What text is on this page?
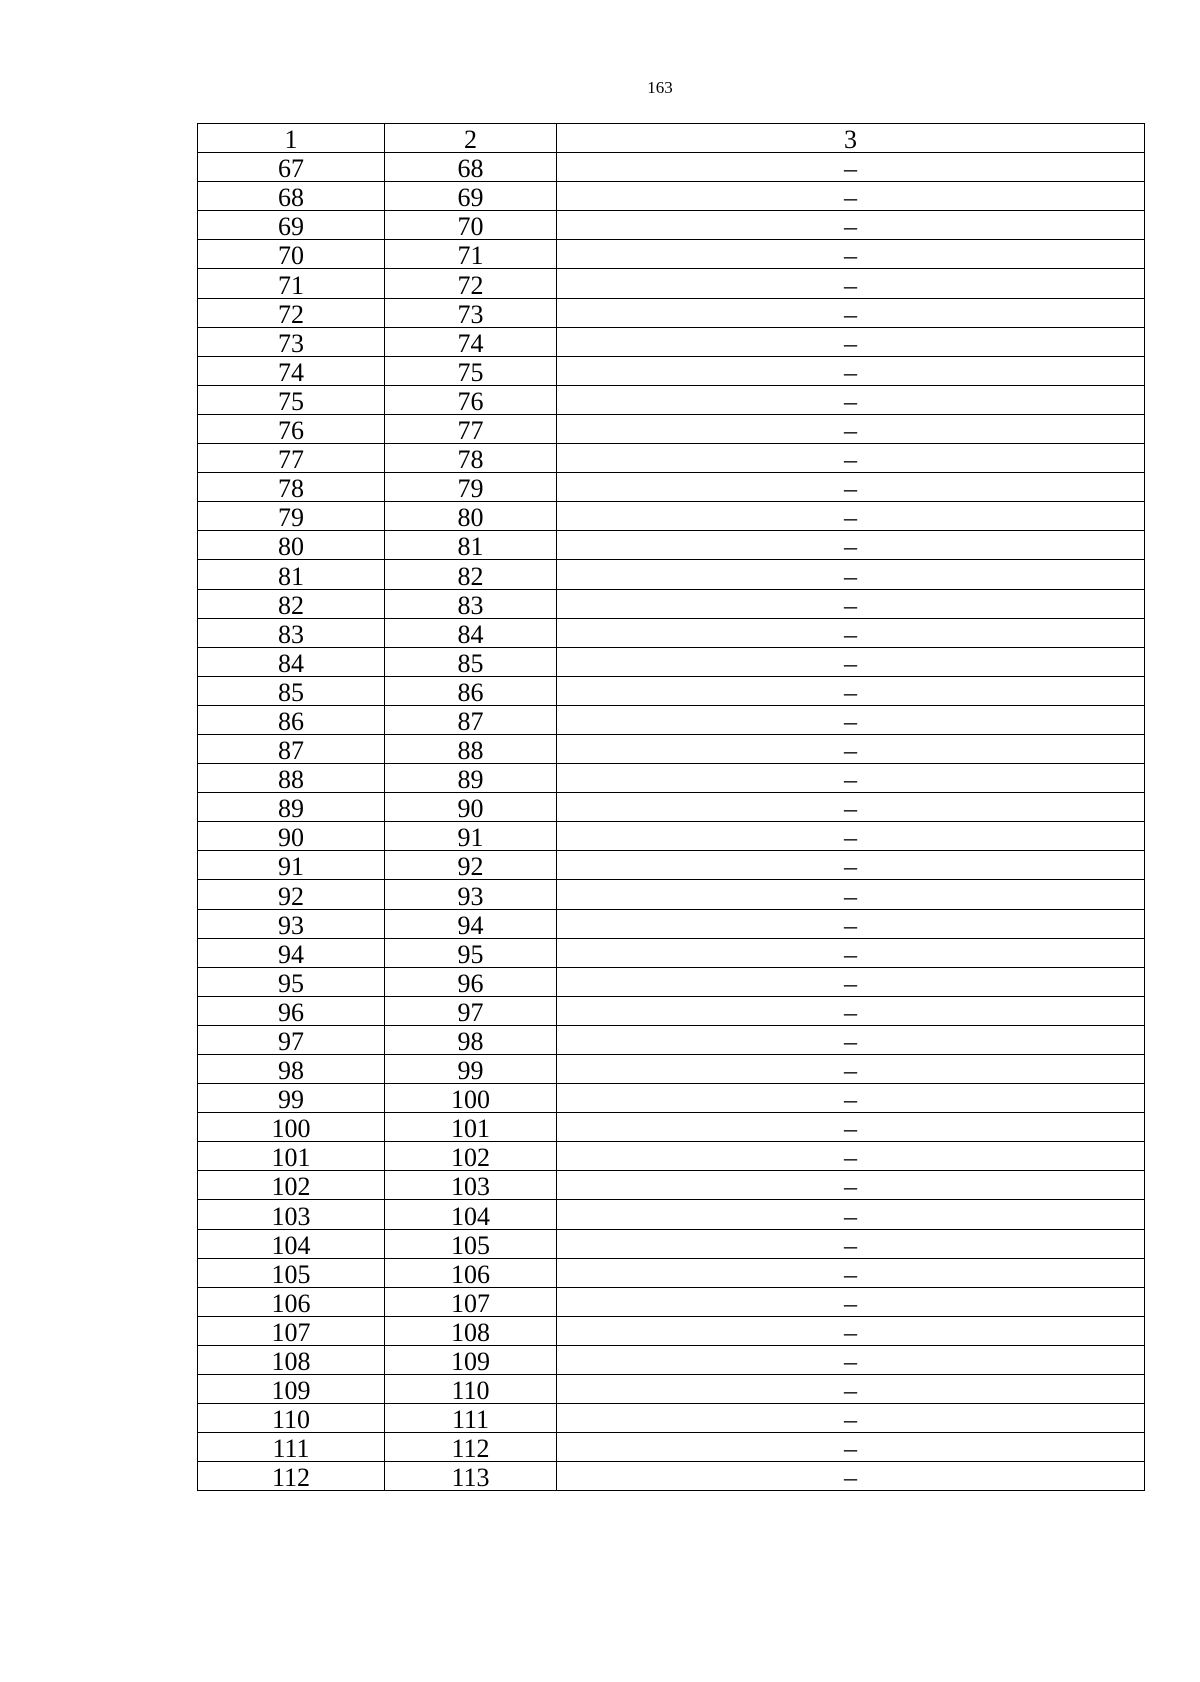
163
1	2	3
67	68	–
68	69	–
69	70	–
70	71	–
71	72	–
72	73	–
73	74	–
74	75	–
75	76	–
76	77	–
77	78	–
78	79	–
79	80	–
80	81	–
81	82	–
82	83	–
83	84	–
84	85	–
85	86	–
86	87	–
87	88	–
88	89	–
89	90	–
90	91	–
91	92	–
92	93	–
93	94	–
94	95	–
95	96	–
96	97	–
97	98	–
98	99	–
99	100	–
100	101	–
101	102	–
102	103	–
103	104	–
104	105	–
105	106	–
106	107	–
107	108	–
108	109	–
109	110	–
110	111	–
111	112	–
112	113	–
